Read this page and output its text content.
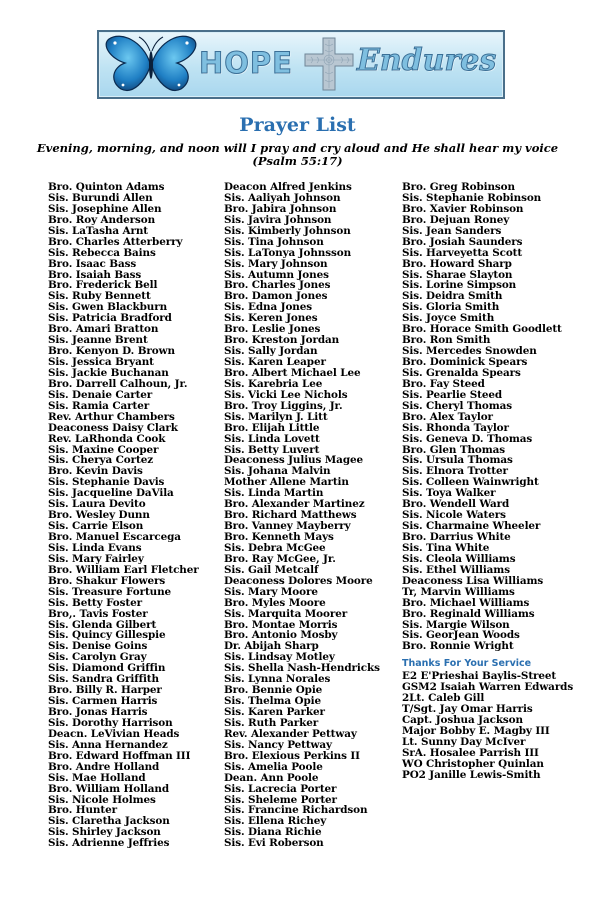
HOPE Endures
Prayer List
Evening, morning, and noon will I pray and cry aloud and He shall hear my voice
(Psalm 55:17)
Bro. Quinton Adams
Sis. Burundi Allen
Sis. Josephine Allen
Bro. Roy Anderson
Sis. LaTasha Arnt
Bro. Charles Atterberry
Sis. Rebecca Bains
Bro. Isaac Bass
Bro. Isaiah Bass
Bro. Frederick Bell
Sis. Ruby Bennett
Sis. Gwen Blackburn
Sis. Patricia Bradford
Bro. Amari Bratton
Sis. Jeanne Brent
Bro. Kenyon D. Brown
Sis. Jessica Bryant
Sis. Jackie Buchanan
Bro. Darrell Calhoun, Jr.
Sis. Denaie Carter
Sis. Ramia Carter
Rev. Arthur Chambers
Deaconess Daisy Clark
Rev. LaRhonda Cook
Sis. Maxine Cooper
Sis. Cherya Cortez
Bro. Kevin Davis
Sis. Stephanie Davis
Sis. Jacqueline DaVila
Sis. Laura Devito
Bro. Wesley Dunn
Sis. Carrie Elson
Bro. Manuel Escarcega
Sis. Linda Evans
Sis. Mary Fairley
Bro. William Earl Fletcher
Bro. Shakur Flowers
Sis. Treasure Fortune
Sis. Betty Foster
Bro,. Tavis Foster
Sis. Glenda Gilbert
Sis. Quincy Gillespie
Sis. Denise Goins
Sis. Carolyn Gray
Sis. Diamond Griffin
Sis. Sandra Griffith
Bro. Billy R. Harper
Sis. Carmen Harris
Bro. Jonas Harris
Sis. Dorothy Harrison
Deacn. LeVivian Heads
Sis. Anna Hernandez
Bro. Edward Hoffman III
Bro. Andre Holland
Sis. Mae Holland
Bro. William Holland
Sis. Nicole Holmes
Bro. Hunter
Sis. Claretha Jackson
Sis. Shirley Jackson
Sis. Adrienne Jeffries
Deacon Alfred Jenkins
Sis. Aaliyah Johnson
Bro. Jabira Johnson
Sis. Javira Johnson
Sis. Kimberly Johnson
Sis. Tina Johnson
Sis. LaTonya Johnsson
Sis. Mary Johnson
Sis. Autumn Jones
Bro. Charles Jones
Bro. Damon Jones
Sis. Edna Jones
Sis. Keren Jones
Bro. Leslie Jones
Bro. Kreston Jordan
Sis. Sally Jordan
Sis. Karen Leaper
Bro. Albert Michael Lee
Sis. Karebria Lee
Sis. Vicki Lee Nichols
Bro. Troy Liggins, Jr.
Sis. Marilyn J. Litt
Bro. Elijah Little
Sis. Linda Lovett
Sis. Betty Luvert
Deaconess Julius Magee
Sis. Johana Malvin
Mother Allene Martin
Sis. Linda Martin
Bro. Alexander Martinez
Bro. Richard Matthews
Bro. Vanney Mayberry
Bro. Kenneth Mays
Sis. Debra McGee
Bro. Ray McGee, Jr.
Sis. Gail Metcalf
Deaconess Dolores Moore
Sis. Mary Moore
Bro. Myles Moore
Sis. Marquita Moorer
Bro. Montae Morris
Bro. Antonio Mosby
Dr. Abijah Sharp
Sis. Lindsay Motley
Sis. Shella Nash-Hendricks
Sis. Lynna Norales
Bro. Bennie Opie
Sis. Thelma Opie
Sis. Karen Parker
Sis. Ruth Parker
Rev. Alexander Pettway
Sis. Nancy Pettway
Bro. Elexious Perkins II
Sis. Amelia Poole
Dean. Ann Poole
Sis. Lacrecia Porter
Sis. Sheleme Porter
Sis. Francine Richardson
Sis. Ellena Richey
Sis. Diana Richie
Sis. Evi Roberson
Bro. Greg Robinson
Sis. Stephanie Robinson
Bro. Xavier Robinson
Bro. Dejuan Roney
Sis. Jean Sanders
Bro. Josiah Saunders
Sis. Harveyetta Scott
Bro. Howard Sharp
Sis. Sharae Slayton
Sis. Lorine Simpson
Sis. Deidra Smith
Sis. Gloria Smith
Sis. Joyce Smith
Bro. Horace Smith Goodlett
Bro. Ron Smith
Sis. Mercedes Snowden
Bro. Dominick Spears
Sis. Grenalda Spears
Bro. Fay Steed
Sis. Pearlie Steed
Sis. Cheryl Thomas
Bro. Alex Taylor
Sis. Rhonda Taylor
Sis. Geneva D. Thomas
Bro. Glen Thomas
Sis. Ursula Thomas
Sis. Elnora Trotter
Sis. Colleen Wainwright
Sis. Toya Walker
Bro. Wendell Ward
Sis. Nicole Waters
Sis. Charmaine Wheeler
Bro. Darrius White
Sis. Tina White
Sis. Cleola Williams
Sis. Ethel Williams
Deaconess Lisa Williams
Tr, Marvin Williams
Bro. Michael Williams
Bro. Reginald Williams
Sis. Margie Wilson
Sis. GeorJean Woods
Bro. Ronnie Wright
Thanks For Your Service
E2 E'Prieshai Baylis-Street
GSM2 Isaiah Warren Edwards
2Lt. Caleb Gill
T/Sgt. Jay Omar Harris
Capt. Joshua Jackson
Major Bobby E. Magby III
Lt. Sunny Day McIver
SrA. Hosalee Parrish III
WO Christopher Quinlan
PO2 Janille Lewis-Smith
